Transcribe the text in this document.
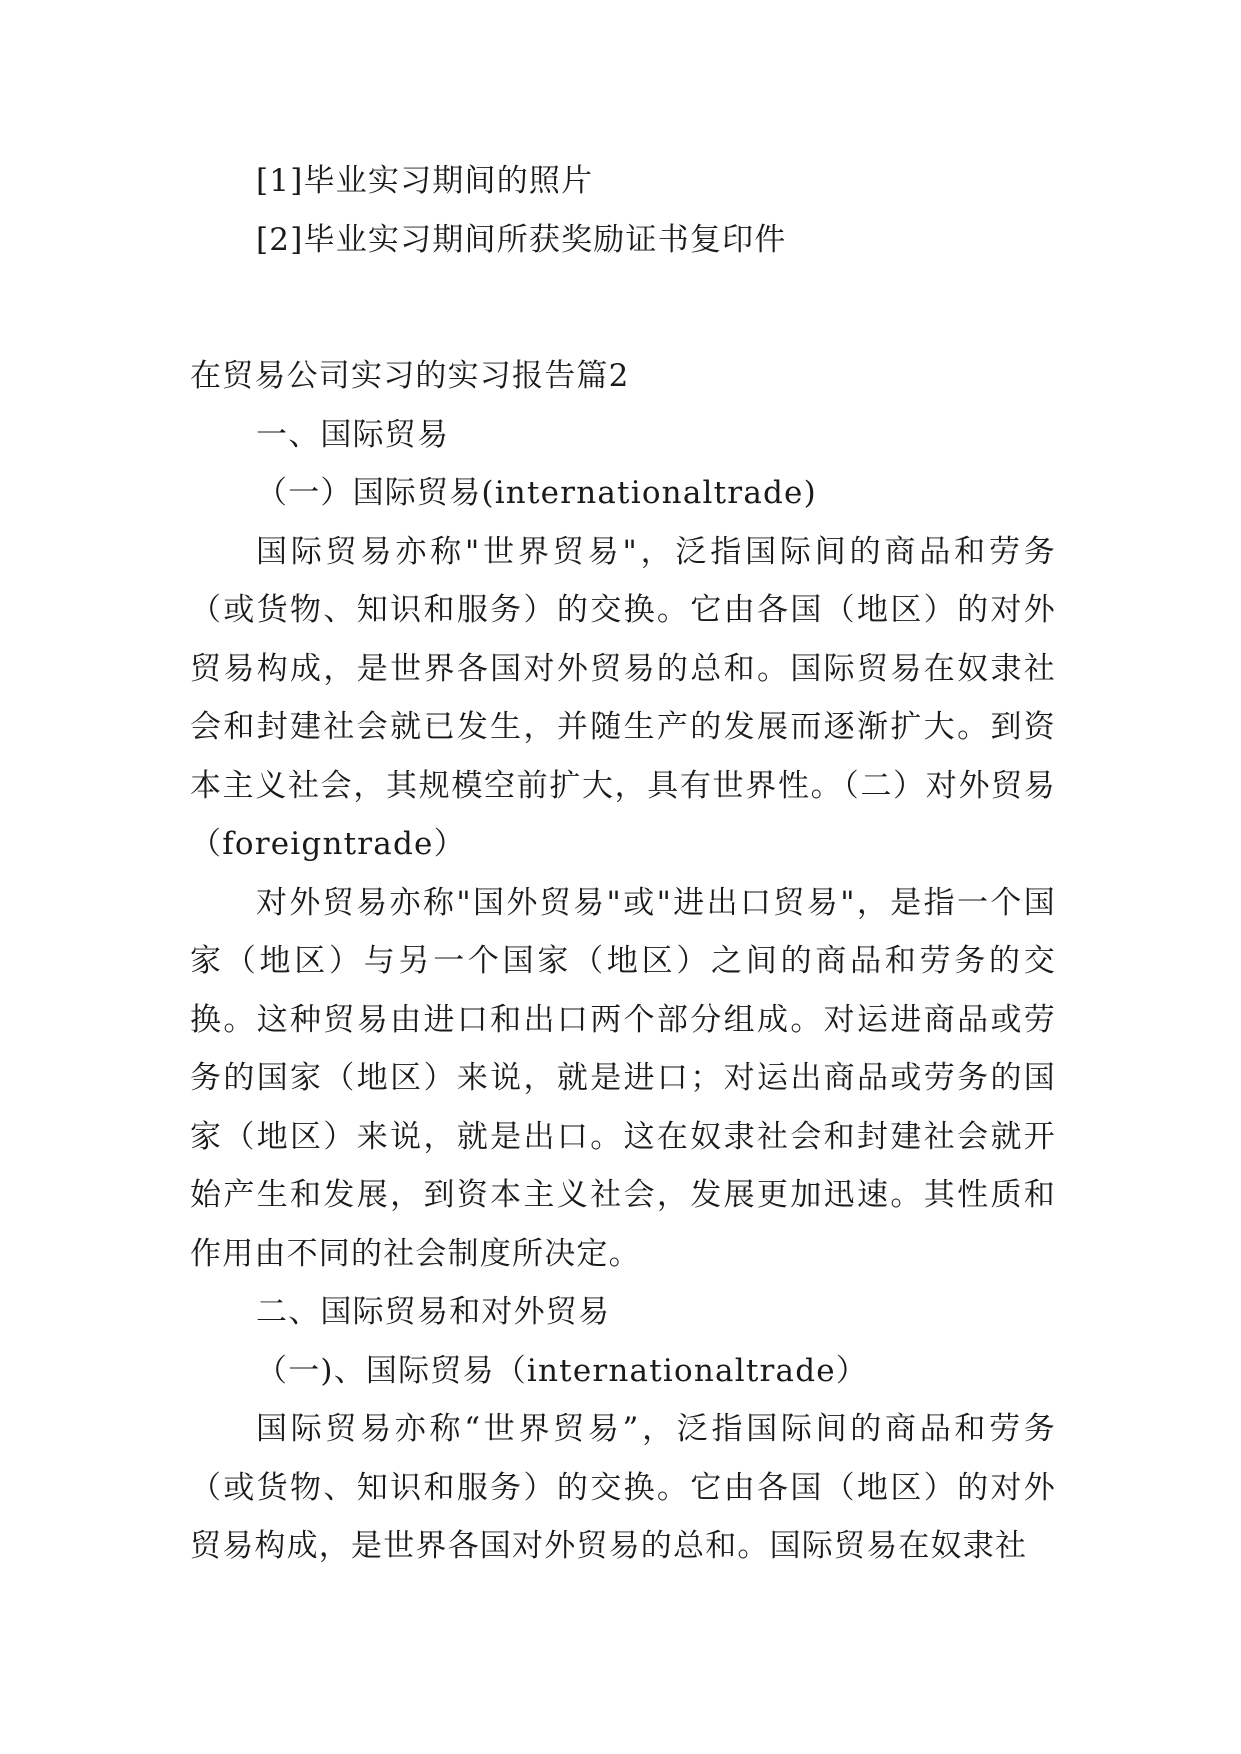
[1]毕业实习期间的照片
[2]毕业实习期间所获奖励证书复印件
在贸易公司实习的实习报告篇2
一、国际贸易
（一）国际贸易(internationaltrade)

国际贸易亦称"世界贸易"，泛指国际间的商品和劳务（或货物、知识和服务）的交换。它由各国（地区）的对外贸易构成，是世界各国对外贸易的总和。国际贸易在奴隶社会和封建社会就已发生，并随生产的发展而逐渐扩大。到资本主义社会，其规模空前扩大，具有世界性。（二）对外贸易（foreigntrade）

对外贸易亦称"国外贸易"或"进出口贸易"，是指一个国家（地区）与另一个国家（地区）之间的商品和劳务的交换。这种贸易由进口和出口两个部分组成。对运进商品或劳务的国家（地区）来说，就是进口；对运出商品或劳务的国家（地区）来说，就是出口。这在奴隶社会和封建社会就开始产生和发展，到资本主义社会，发展更加迅速。其性质和作用由不同的社会制度所决定。

二、国际贸易和对外贸易
（一)、国际贸易（internationaltrade）

国际贸易亦称“世界贸易”，泛指国际间的商品和劳务（或货物、知识和服务）的交换。它由各国（地区）的对外贸易构成，是世界各国对外贸易的总和。国际贸易在奴隶社
